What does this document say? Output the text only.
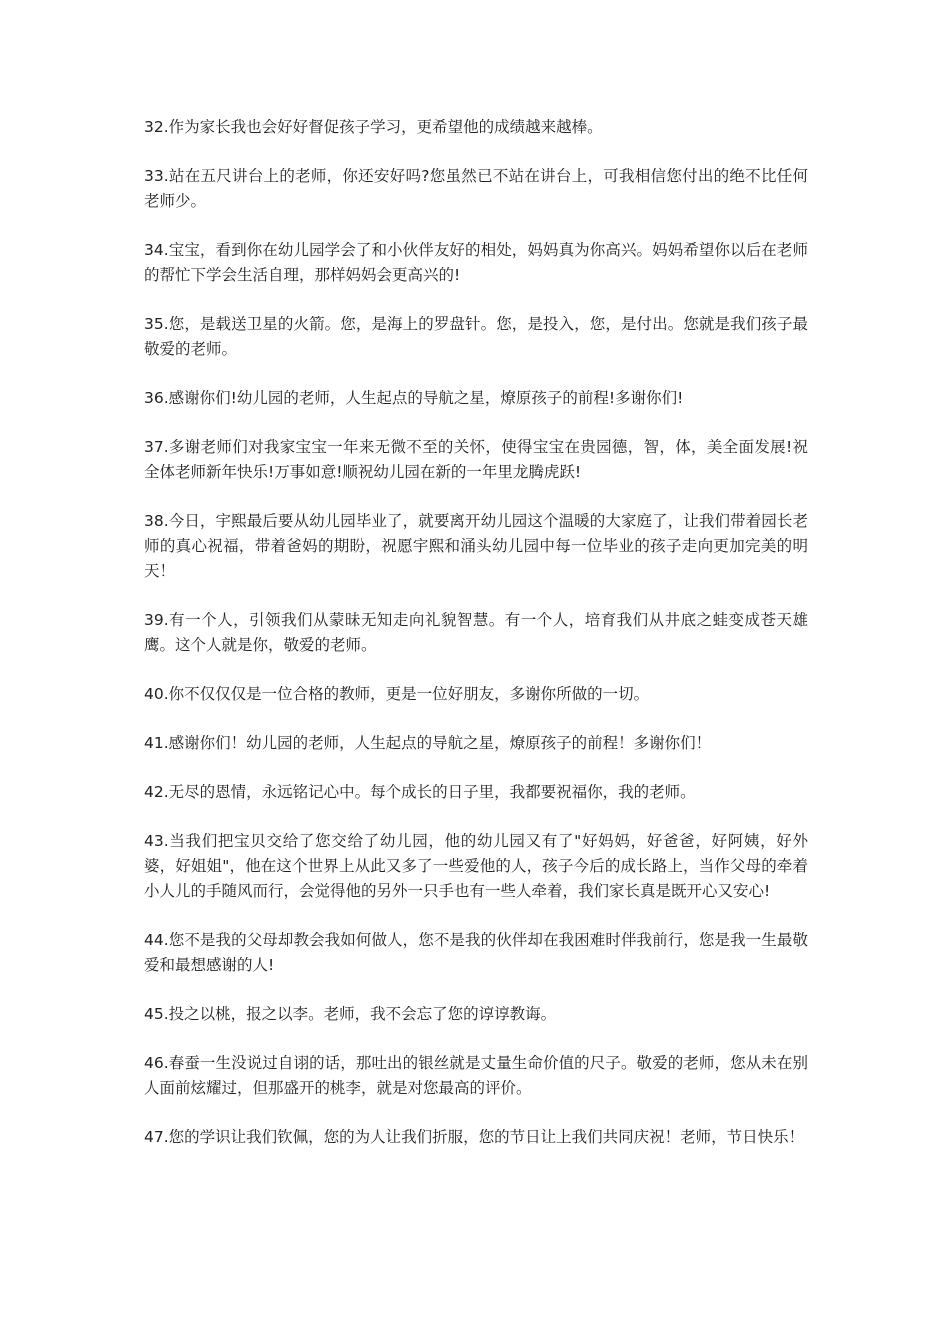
32.作为家长我也会好好督促孩子学习，更希望他的成绩越来越棒。

33.站在五尺讲台上的老师，你还安好吗?您虽然已不站在讲台上，可我相信您付出的绝不比任何老师少。

34.宝宝，看到你在幼儿园学会了和小伙伴友好的相处，妈妈真为你高兴。妈妈希望你以后在老师的帮忙下学会生活自理，那样妈妈会更高兴的!

35.您，是载送卫星的火箭。您，是海上的罗盘针。您，是投入，您，是付出。您就是我们孩子最敬爱的老师。

36.感谢你们!幼儿园的老师，人生起点的导航之星，燎原孩子的前程!多谢你们!

37.多谢老师们对我家宝宝一年来无微不至的关怀，使得宝宝在贵园德，智，体，美全面发展!祝全体老师新年快乐!万事如意!顺祝幼儿园在新的一年里龙腾虎跃!

38.今日，宇熙最后要从幼儿园毕业了，就要离开幼儿园这个温暖的大家庭了，让我们带着园长老师的真心祝福，带着爸妈的期盼，祝愿宇熙和涌头幼儿园中每一位毕业的孩子走向更加完美的明天！

39.有一个人，引领我们从蒙昧无知走向礼貌智慧。有一个人，培育我们从井底之蛙变成苍天雄鹰。这个人就是你，敬爱的老师。

40.你不仅仅仅是一位合格的教师，更是一位好朋友，多谢你所做的一切。

41.感谢你们！幼儿园的老师，人生起点的导航之星，燎原孩子的前程！多谢你们！

42.无尽的恩情，永远铭记心中。每个成长的日子里，我都要祝福你，我的老师。

43.当我们把宝贝交给了您交给了幼儿园，他的幼儿园又有了"好妈妈，好爸爸，好阿姨，好外婆，好姐姐"，他在这个世界上从此又多了一些爱他的人，孩子今后的成长路上，当作父母的牵着小人儿的手随风而行，会觉得他的另外一只手也有一些人牵着，我们家长真是既开心又安心!

44.您不是我的父母却教会我如何做人，您不是我的伙伴却在我困难时伴我前行，您是我一生最敬爱和最想感谢的人!

45.投之以桃，报之以李。老师，我不会忘了您的谆谆教诲。

46.春蚕一生没说过自诩的话，那吐出的银丝就是丈量生命价值的尺子。敬爱的老师，您从未在别人面前炫耀过，但那盛开的桃李，就是对您最高的评价。

47.您的学识让我们钦佩，您的为人让我们折服，您的节日让上我们共同庆祝！老师，节日快乐！
